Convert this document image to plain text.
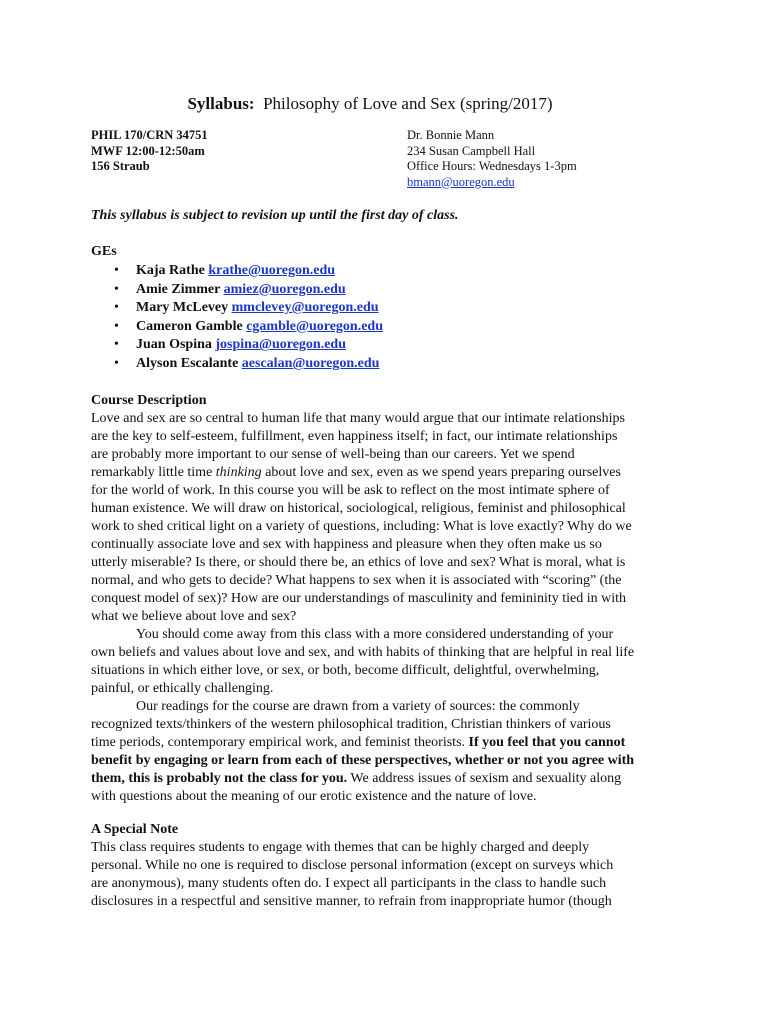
Syllabus: Philosophy of Love and Sex (spring/2017)
PHIL 170/CRN 34751
MWF 12:00-12:50am
156 Straub
Dr. Bonnie Mann
234 Susan Campbell Hall
Office Hours: Wednesdays 1-3pm
bmann@uoregon.edu
This syllabus is subject to revision up until the first day of class.
GEs
• Kaja Rathe krathe@uoregon.edu
• Amie Zimmer amiez@uoregon.edu
• Mary McLevey mmclevey@uoregon.edu
• Cameron Gamble cgamble@uoregon.edu
• Juan Ospina jospina@uoregon.edu
• Alyson Escalante aescalan@uoregon.edu
Course Description
Love and sex are so central to human life that many would argue that our intimate relationships
are the key to self-esteem, fulfillment, even happiness itself; in fact, our intimate relationships
are probably more important to our sense of well-being than our careers. Yet we spend
remarkably little time thinking about love and sex, even as we spend years preparing ourselves
for the world of work. In this course you will be ask to reflect on the most intimate sphere of
human existence. We will draw on historical, sociological, religious, feminist and philosophical
work to shed critical light on a variety of questions, including: What is love exactly? Why do we
continually associate love and sex with happiness and pleasure when they often make us so
utterly miserable? Is there, or should there be, an ethics of love and sex? What is moral, what is
normal, and who gets to decide? What happens to sex when it is associated with “scoring” (the
conquest model of sex)? How are our understandings of masculinity and femininity tied in with
what we believe about love and sex?
You should come away from this class with a more considered understanding of your
own beliefs and values about love and sex, and with habits of thinking that are helpful in real life
situations in which either love, or sex, or both, become difficult, delightful, overwhelming,
painful, or ethically challenging.
Our readings for the course are drawn from a variety of sources: the commonly
recognized texts/thinkers of the western philosophical tradition, Christian thinkers of various
time periods, contemporary empirical work, and feminist theorists. If you feel that you cannot
benefit by engaging or learn from each of these perspectives, whether or not you agree with
them, this is probably not the class for you. We address issues of sexism and sexuality along
with questions about the meaning of our erotic existence and the nature of love.
A Special Note
This class requires students to engage with themes that can be highly charged and deeply
personal. While no one is required to disclose personal information (except on surveys which
are anonymous), many students often do. I expect all participants in the class to handle such
disclosures in a respectful and sensitive manner, to refrain from inappropriate humor (though
